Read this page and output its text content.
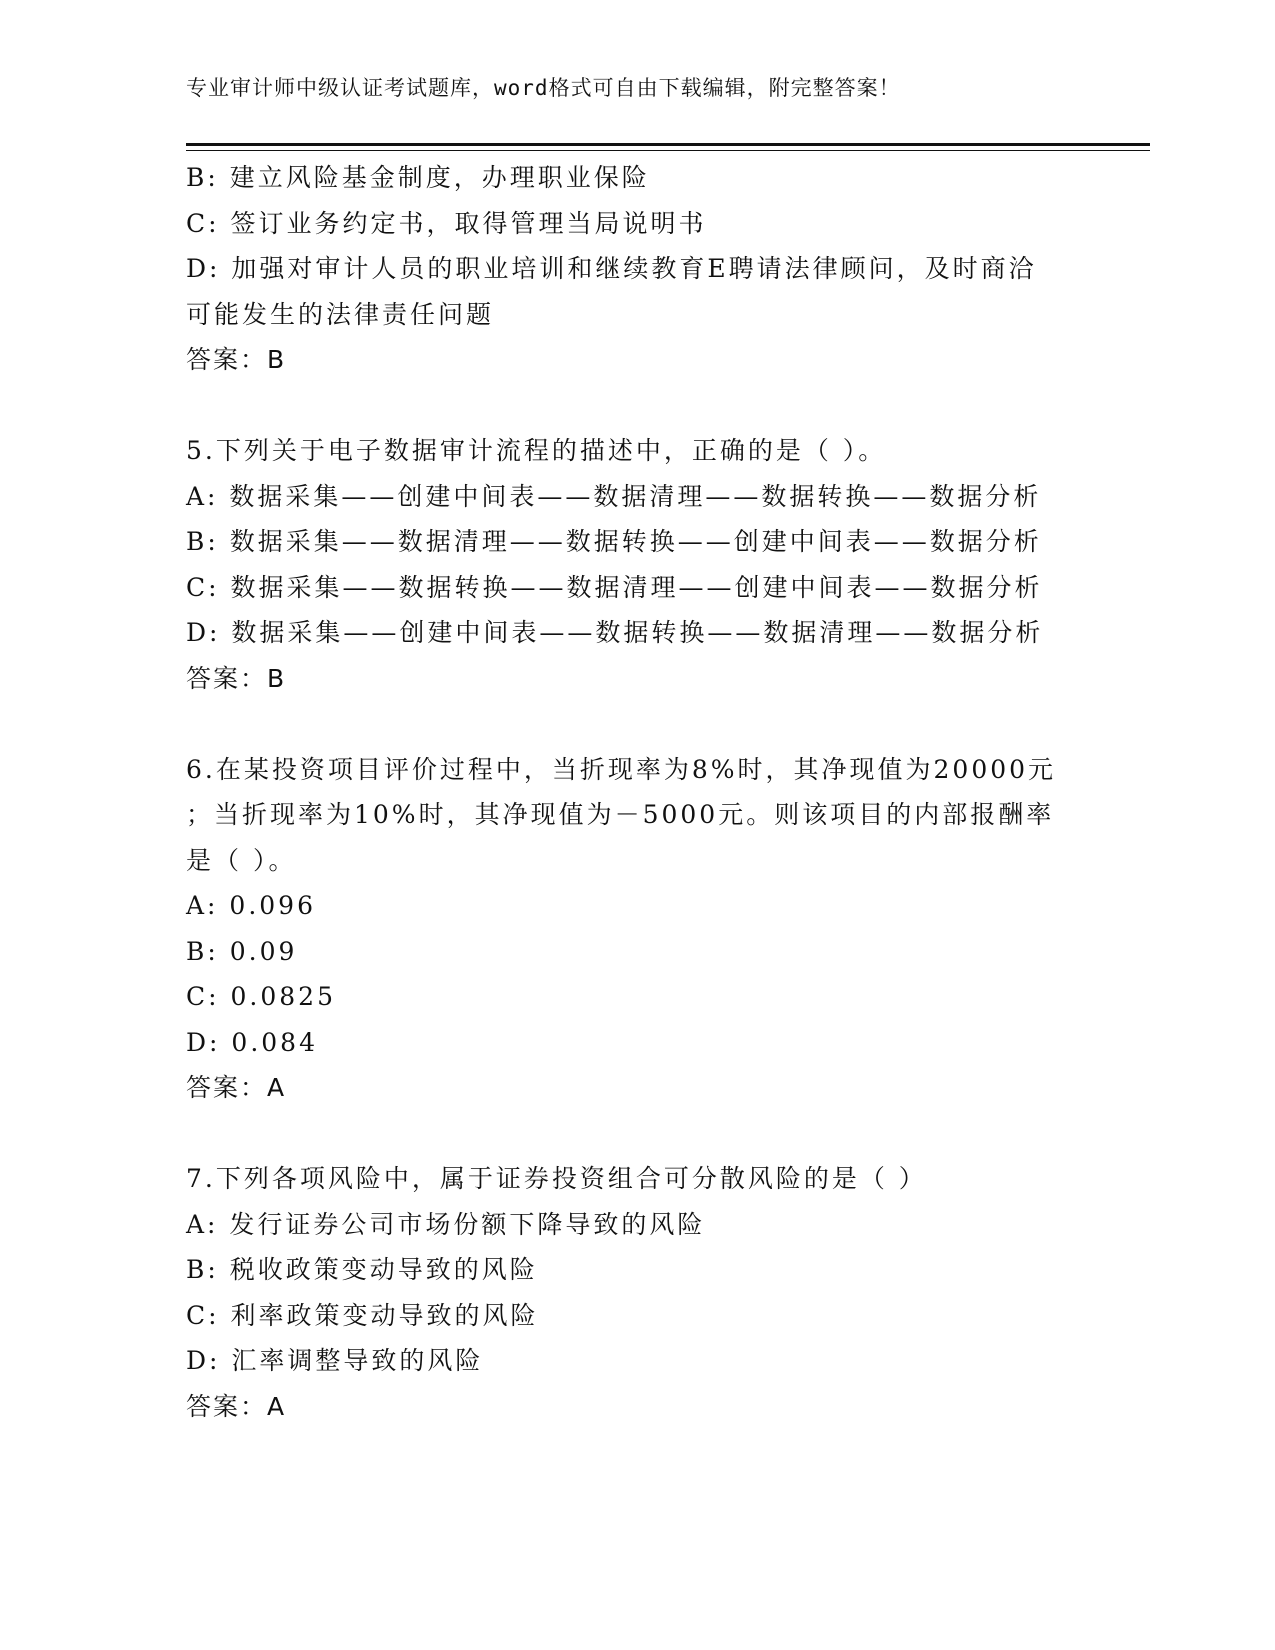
专业审计师中级认证考试题库，word格式可自由下载编辑，附完整答案！
B: 建立风险基金制度，办理职业保险
C: 签订业务约定书，取得管理当局说明书
D: 加强对审计人员的职业培训和继续教育E聘请法律顾问，及时商洽
可能发生的法律责任问题
答案：B
5.下列关于电子数据审计流程的描述中，正确的是（ ）。
A: 数据采集——创建中间表——数据清理——数据转换——数据分析
B: 数据采集——数据清理——数据转换——创建中间表——数据分析
C: 数据采集——数据转换——数据清理——创建中间表——数据分析
D: 数据采集——创建中间表——数据转换——数据清理——数据分析
答案：B
6.在某投资项目评价过程中，当折现率为8%时，其净现值为20000元
；当折现率为10%时，其净现值为－5000元。则该项目的内部报酬率
是（ ）。
A: 0.096
B: 0.09
C: 0.0825
D: 0.084
答案：A
7.下列各项风险中，属于证券投资组合可分散风险的是（ ）
A: 发行证券公司市场份额下降导致的风险
B: 税收政策变动导致的风险
C: 利率政策变动导致的风险
D: 汇率调整导致的风险
答案：A
